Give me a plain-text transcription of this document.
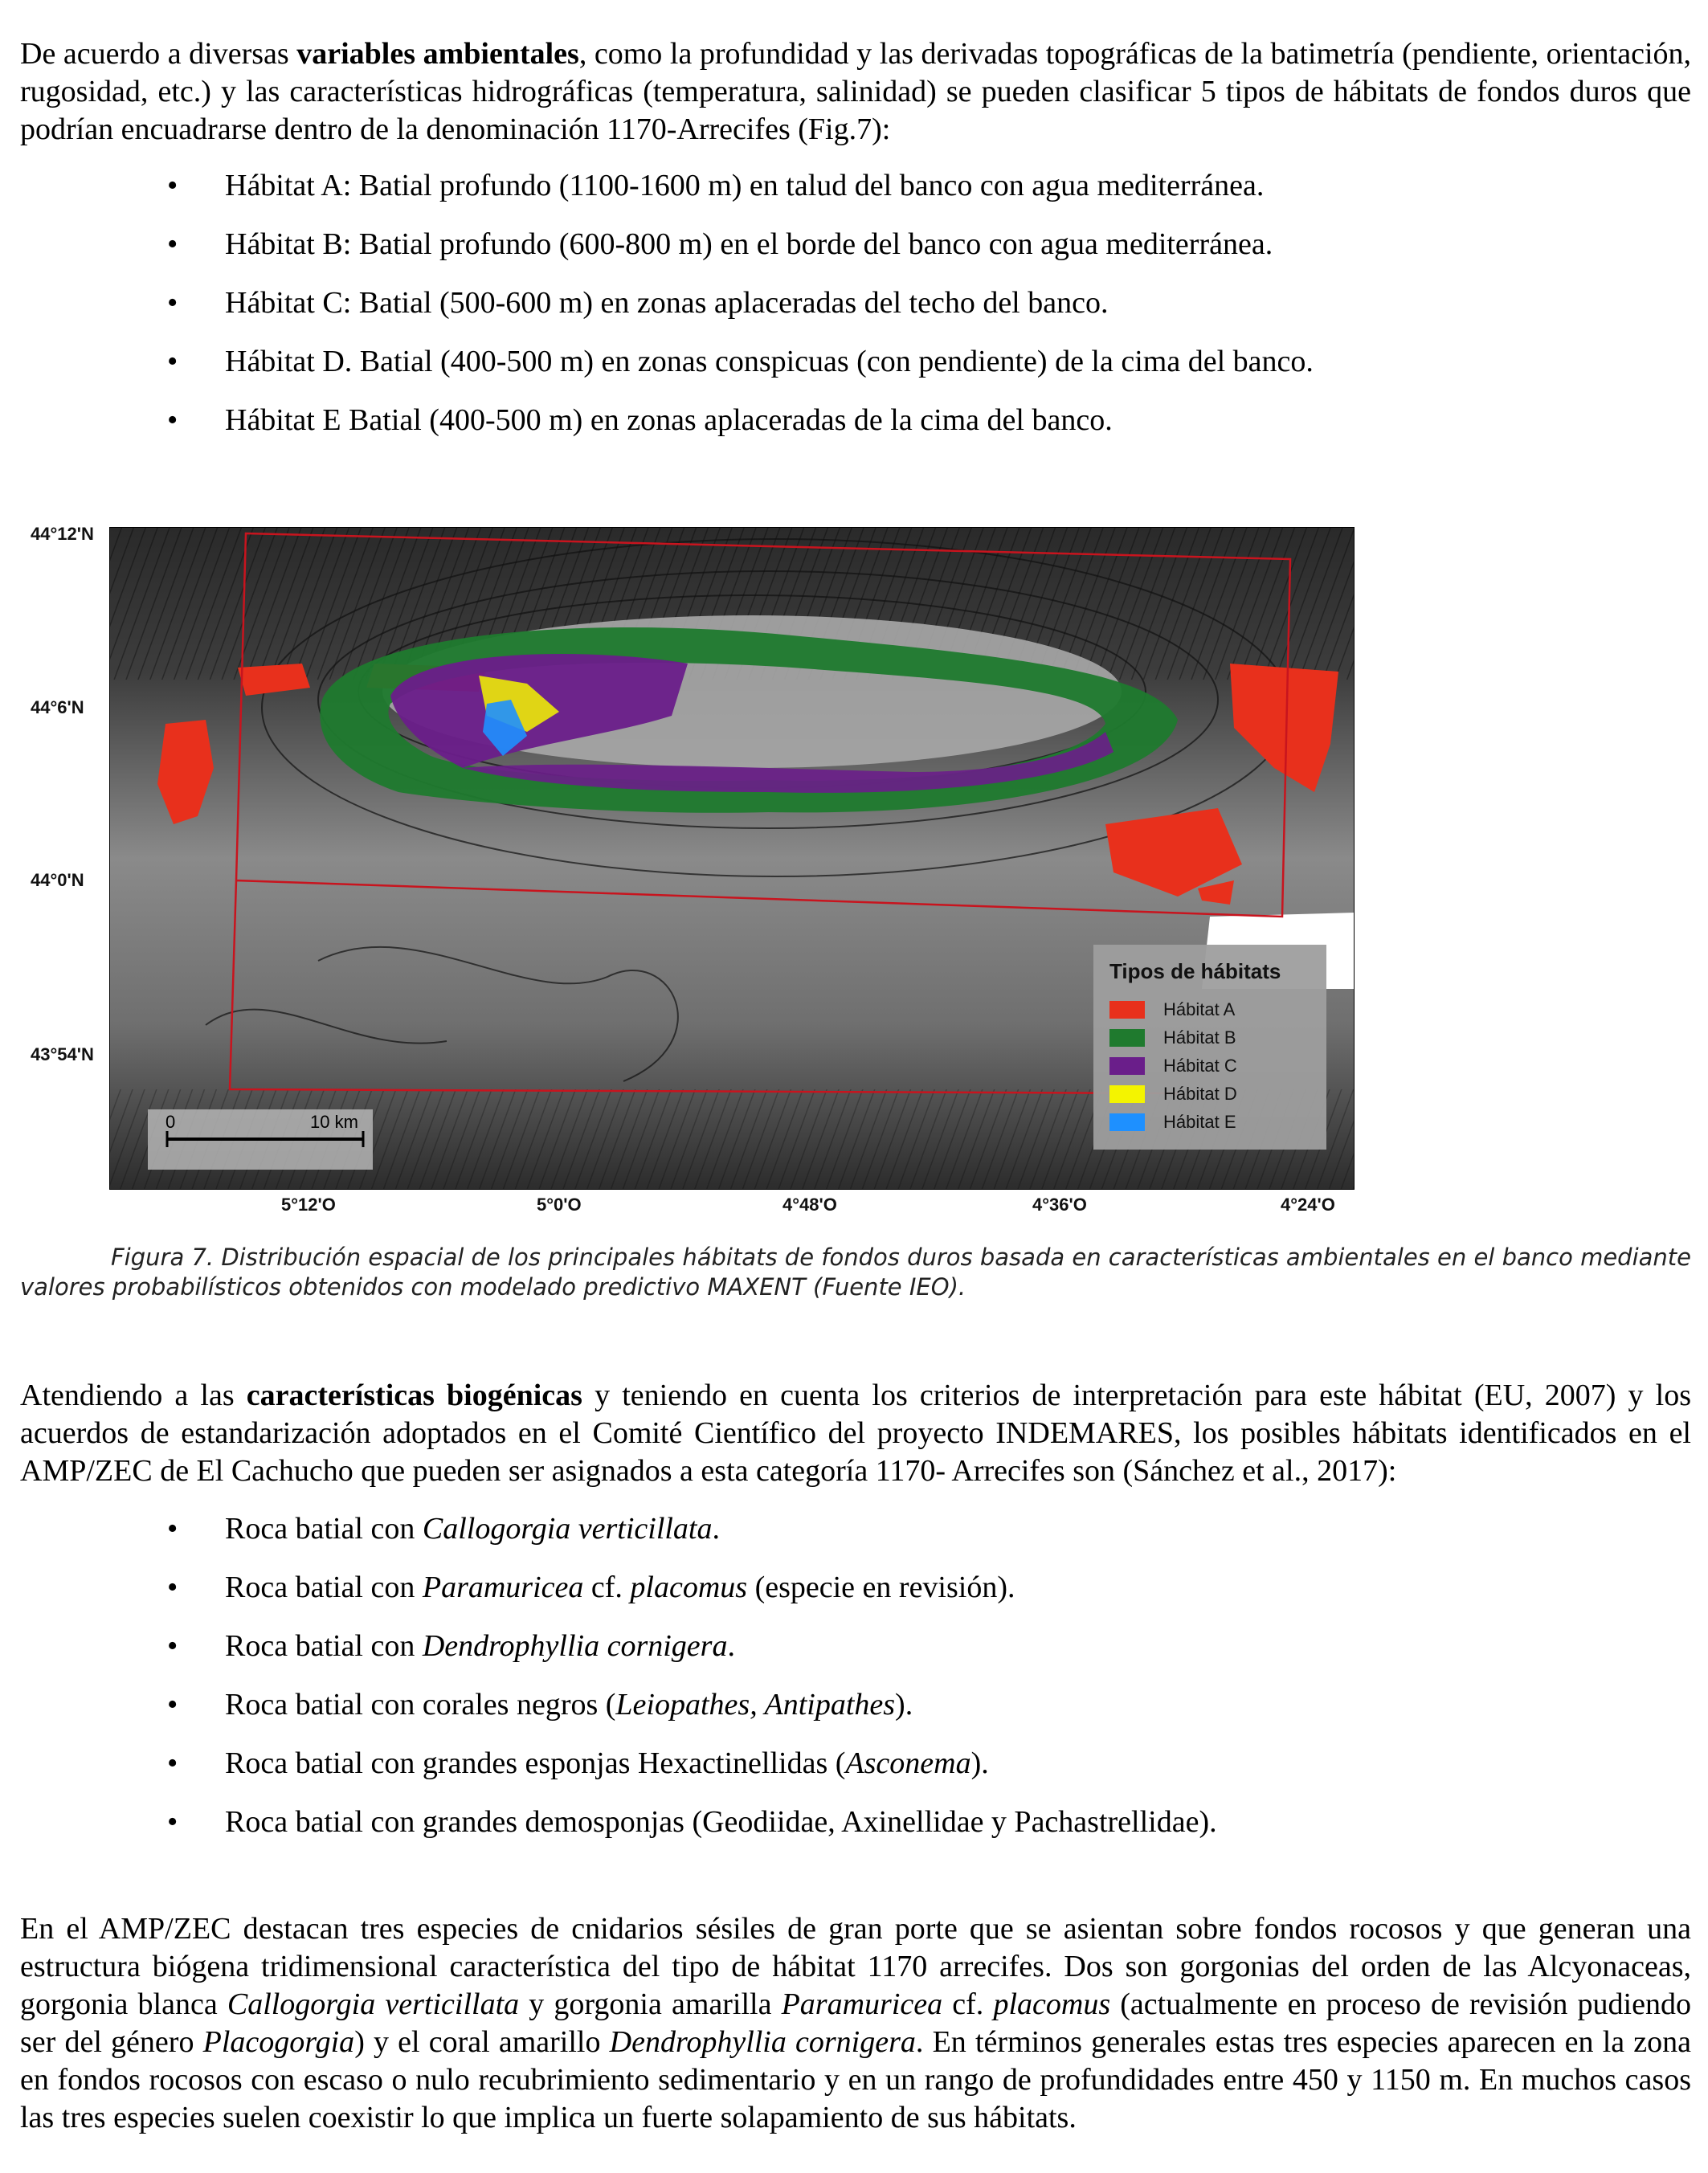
De acuerdo a diversas variables ambientales, como la profundidad y las derivadas topográficas de la batimetría (pendiente, orientación, rugosidad, etc.) y las características hidrográficas (temperatura, salinidad) se pueden clasificar 5 tipos de hábitats de fondos duros que podrían encuadrarse dentro de la denominación 1170-Arrecifes (Fig.7):

• Hábitat A: Batial profundo (1100-1600 m) en talud del banco con agua mediterránea.
• Hábitat B: Batial profundo (600-800 m) en el borde del banco con agua mediterránea.
• Hábitat C: Batial (500-600 m) en zonas aplaceradas del techo del banco.
• Hábitat D. Batial (400-500 m) en zonas conspicuas (con pendiente) de la cima del banco.
• Hábitat E Batial (400-500 m) en zonas aplaceradas de la cima del banco.
44°12'N
44°6'N
44°0'N
43°54'N
0	10 km
Tipos de hábitats
Hábitat A
Hábitat B
Hábitat C
Hábitat D
Hábitat E
5°12'O	5°0'O	4°48'O	4°36'O	4°24'O

Figura 7. Distribución espacial de los principales hábitats de fondos duros basada en características ambientales en el banco mediante valores probabilísticos obtenidos con modelado predictivo MAXENT (Fuente IEO).

Atendiendo a las características biogénicas y teniendo en cuenta los criterios de interpretación para este hábitat (EU, 2007) y los acuerdos de estandarización adoptados en el Comité Científico del proyecto INDEMARES, los posibles hábitats identificados en el AMP/ZEC de El Cachucho que pueden ser asignados a esta categoría 1170- Arrecifes son (Sánchez et al., 2017):

• Roca batial con Callogorgia verticillata.
• Roca batial con Paramuricea cf. placomus (especie en revisión).
• Roca batial con Dendrophyllia cornigera.
• Roca batial con corales negros (Leiopathes, Antipathes).
• Roca batial con grandes esponjas Hexactinellidas (Asconema).
• Roca batial con grandes demosponjas (Geodiidae, Axinellidae y Pachastrellidae).

En el AMP/ZEC destacan tres especies de cnidarios sésiles de gran porte que se asientan sobre fondos rocosos y que generan una estructura biógena tridimensional característica del tipo de hábitat 1170 arrecifes. Dos son gorgonias del orden de las Alcyonaceas, gorgonia blanca Callogorgia verticillata y gorgonia amarilla Paramuricea cf. placomus (actualmente en proceso de revisión pudiendo ser del género Placogorgia) y el coral amarillo Dendrophyllia cornigera. En términos generales estas tres especies aparecen en la zona en fondos rocosos con escaso o nulo recubrimiento sedimentario y en un rango de profundidades entre 450 y 1150 m. En muchos casos las tres especies suelen coexistir lo que implica un fuerte solapamiento de sus hábitats.
